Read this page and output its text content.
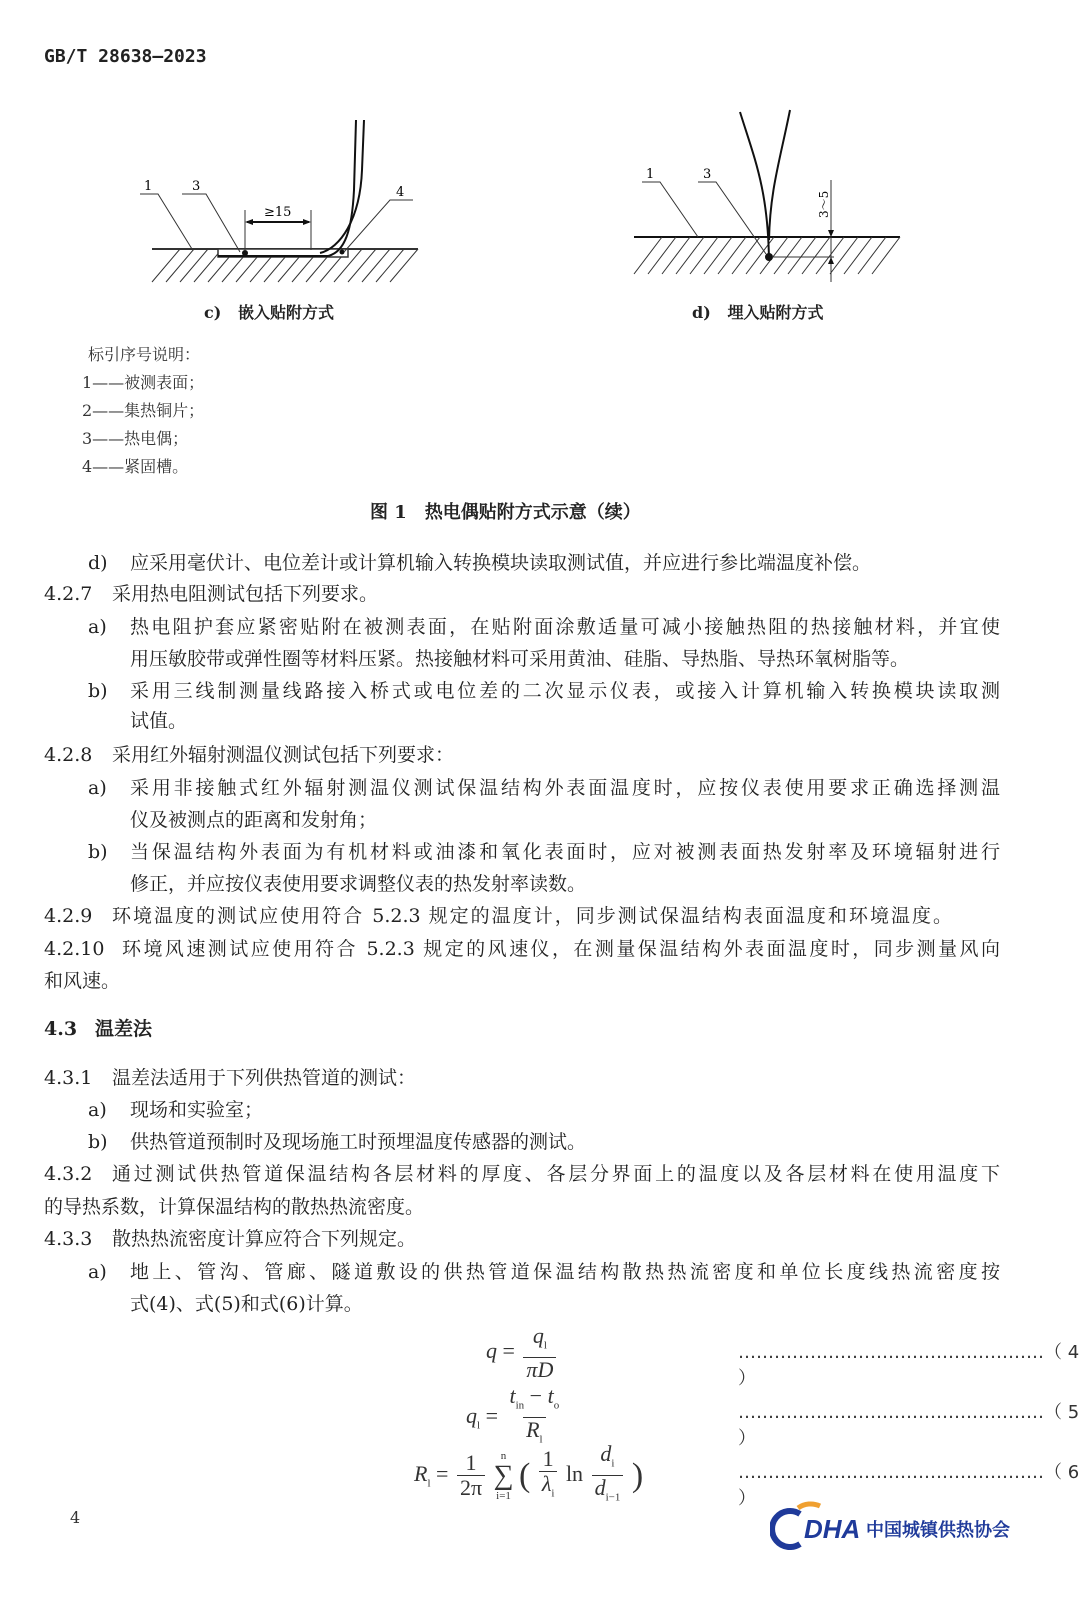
GB/T 28638—2023
1	3	4
≥15
c) 嵌入贴附方式
1	3
3～5
d) 埋入贴附方式
标引序号说明：
1——被测表面；
2——集热铜片；
3——热电偶；
4——紧固槽。
图 1　热电偶贴附方式示意（续）
d) 应采用毫伏计、电位差计或计算机输入转换模块读取测试值，并应进行参比端温度补偿。
4.2.7 采用热电阻测试包括下列要求。
a) 热电阻护套应紧密贴附在被测表面，在贴附面涂敷适量可减小接触热阻的热接触材料，并宜使
用压敏胶带或弹性圈等材料压紧。热接触材料可采用黄油、硅脂、导热脂、导热环氧树脂等。
b) 采用三线制测量线路接入桥式或电位差的二次显示仪表，或接入计算机输入转换模块读取测
试值。
4.2.8 采用红外辐射测温仪测试包括下列要求：
a) 采用非接触式红外辐射测温仪测试保温结构外表面温度时，应按仪表使用要求正确选择测温
仪及被测点的距离和发射角；
b) 当保温结构外表面为有机材料或油漆和氧化表面时，应对被测表面热发射率及环境辐射进行
修正，并应按仪表使用要求调整仪表的热发射率读数。
4.2.9 环境温度的测试应使用符合 5.2.3 规定的温度计，同步测试保温结构表面温度和环境温度。
4.2.10 环境风速测试应使用符合 5.2.3 规定的风速仪，在测量保温结构外表面温度时，同步测量风向
和风速。
4.3 温差法
4.3.1 温差法适用于下列供热管道的测试：
a) 现场和实验室；
b) 供热管道预制时及现场施工时预埋温度传感器的测试。
4.3.2 通过测试供热管道保温结构各层材料的厚度、各层分界面上的温度以及各层材料在使用温度下
的导热系数，计算保温结构的散热热流密度。
4.3.3 散热热流密度计算应符合下列规定。
a) 地上、管沟、管廊、隧道敷设的供热管道保温结构散热热流密度和单位长度线热流密度按
式(4)、式(5)和式(6)计算。
$q = \frac{q_l}{\pi D}$	……………………………………………（ 4 ）
$q_l = \frac{t_{in} - t_o}{R_l}$	……………………………………………（ 5 ）
$R_l = \frac{1}{2\pi}$
n
∑
i=1
( $\frac{1}{\lambda_i}$ $\ln \frac{d_i}{d_{i-1}}$ )	……………………………………………（ 6 ）
4	DHA 中国城镇供热协会
